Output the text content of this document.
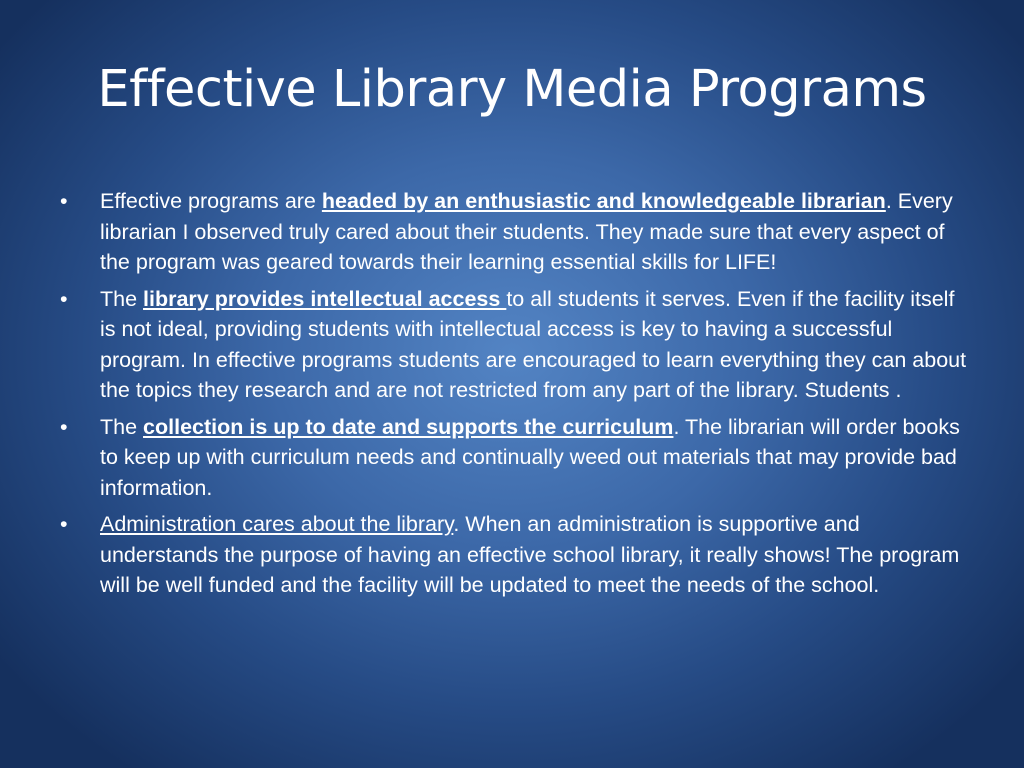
Effective Library Media Programs
• Effective programs are headed by an enthusiastic and knowledgeable librarian. Every librarian I observed truly cared about their students. They made sure that every aspect of the program was geared towards their learning essential skills for LIFE!
• The library provides intellectual access to all students it serves. Even if the facility itself is not ideal, providing students with intellectual access is key to having a successful program. In effective programs students are encouraged to learn everything they can about the topics they research and are not restricted from any part of the library. Students .
• The collection is up to date and supports the curriculum. The librarian will order books to keep up with curriculum needs and continually weed out materials that may provide bad information.
• Administration cares about the library. When an administration is supportive and understands the purpose of having an effective school library, it really shows! The program will be well funded and the facility will be updated to meet the needs of the school.
